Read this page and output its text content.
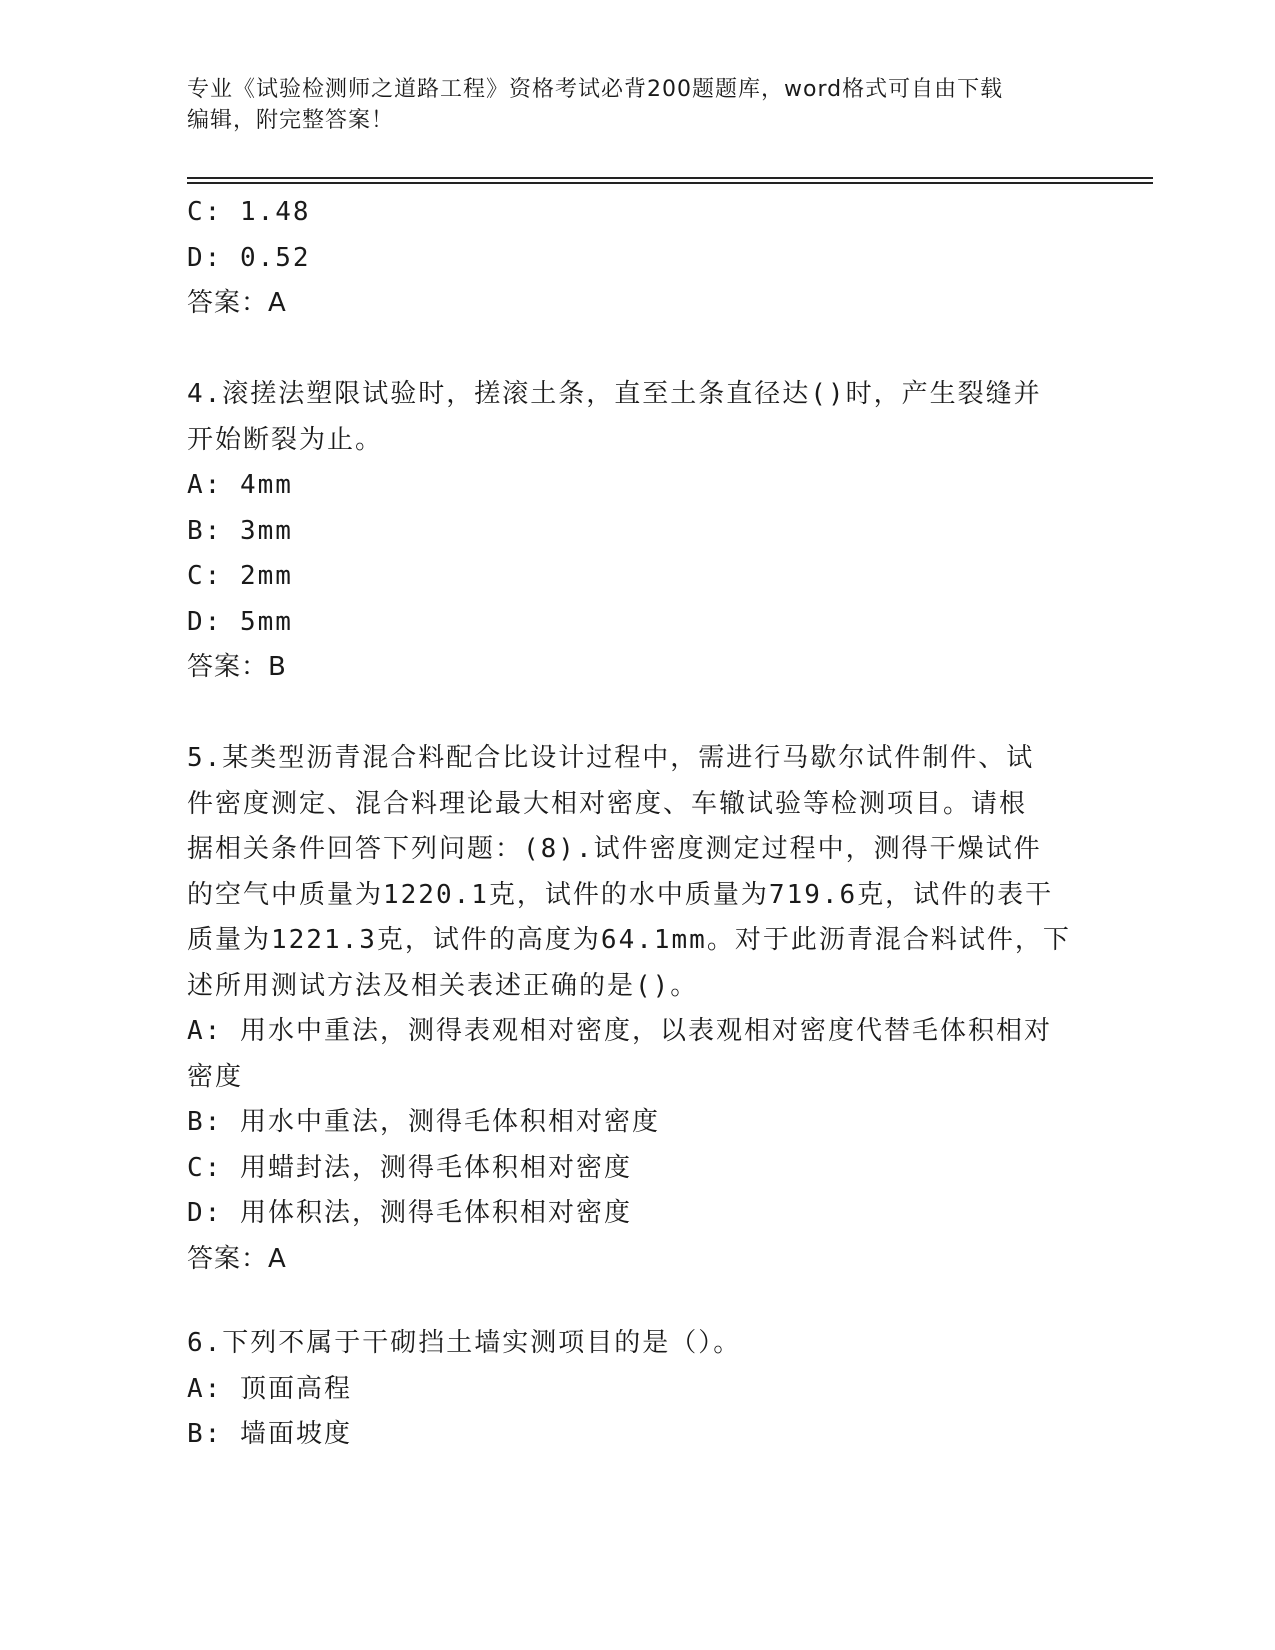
专业《试验检测师之道路工程》资格考试必背200题题库，word格式可自由下载
编辑，附完整答案！
C: 1.48
D: 0.52
答案：A
4.滚搓法塑限试验时，搓滚土条，直至土条直径达()时，产生裂缝并
开始断裂为止。
A: 4mm
B: 3mm
C: 2mm
D: 5mm
答案：B
5.某类型沥青混合料配合比设计过程中，需进行马歇尔试件制件、试
件密度测定、混合料理论最大相对密度、车辙试验等检测项目。请根
据相关条件回答下列问题：(8).试件密度测定过程中，测得干燥试件
的空气中质量为1220.1克，试件的水中质量为719.6克，试件的表干
质量为1221.3克，试件的高度为64.1mm。对于此沥青混合料试件，下
述所用测试方法及相关表述正确的是()。
A: 用水中重法，测得表观相对密度，以表观相对密度代替毛体积相对
密度
B: 用水中重法，测得毛体积相对密度
C: 用蜡封法，测得毛体积相对密度
D: 用体积法，测得毛体积相对密度
答案：A
6.下列不属于干砌挡土墙实测项目的是（）。
A: 顶面高程
B: 墙面坡度
